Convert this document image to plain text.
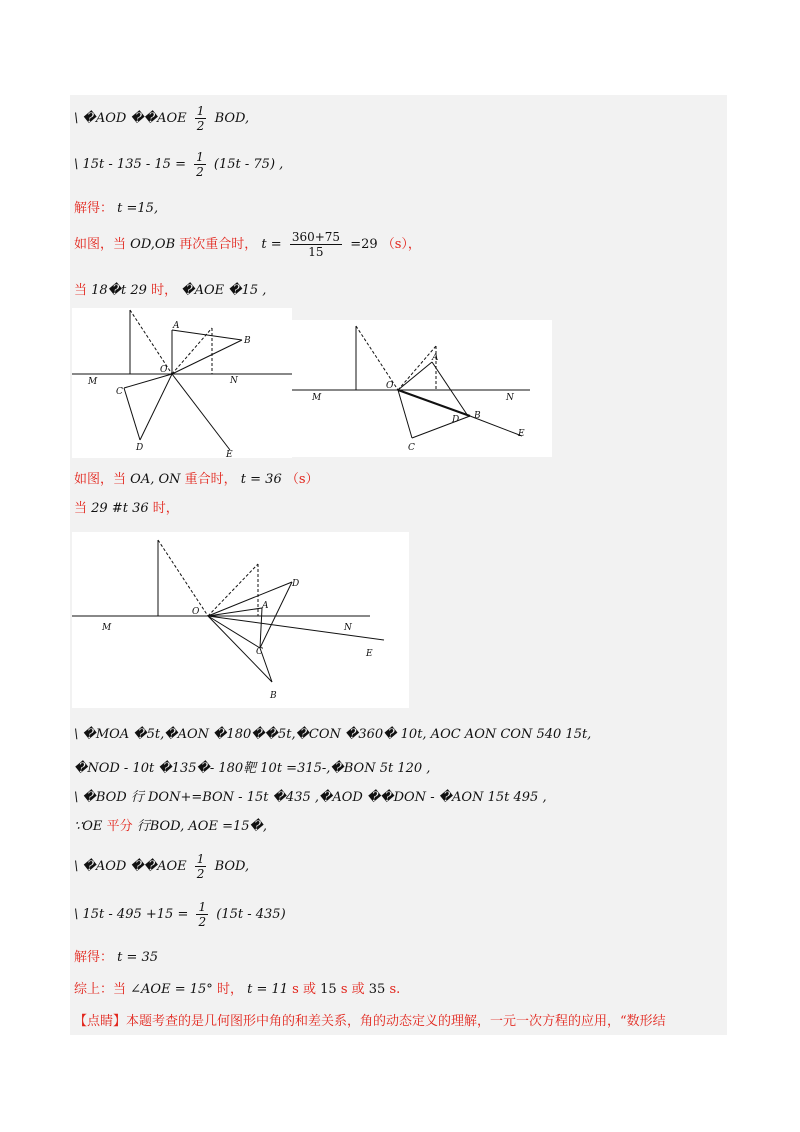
\ �AOD ��AOE $\frac{1}{2}$ BOD,
\ $15t - 135 - 15 = \frac{1}{2} (15t - 75)$ ,
解得： t =15,
如图，当 OD,OB 再次重合时， $t = \frac{360+75}{15} =29$ （s），
当 18�t 29 时， �AOE �15 ,
A
B
O
M	N
C
D
E
A
B
O
M	N
C
D
E
如图，当 OA, ON 重合时， t = 36 （s）
当 29 #t 36 时，
A
B
O
M	N
C
D
E
\ �MOA �5t,�AON �180��5t,�CON �360� 10t, AOC AON CON 540 15t,
�NOD - 10t �135�- 180靶 10t =315-,�BON 5t 120 ,
\ �BOD 行 DON+=BON - 15t �435 ,�AOD ��DON - �AON 15t 495 ,
∵OE 平分 行BOD, AOE =15�,
\ �AOD ��AOE $\frac{1}{2}$ BOD,
\ $15t - 495 +15 = \frac{1}{2} (15t - 435)$
解得： t = 35
综上：当 ∠AOE = 15° 时， t = 11 s 或 15 s 或 35 s.
【点睛】本题考查的是几何图形中角的和差关系，角的动态定义的理解，一元一次方程的应用，“数形结
